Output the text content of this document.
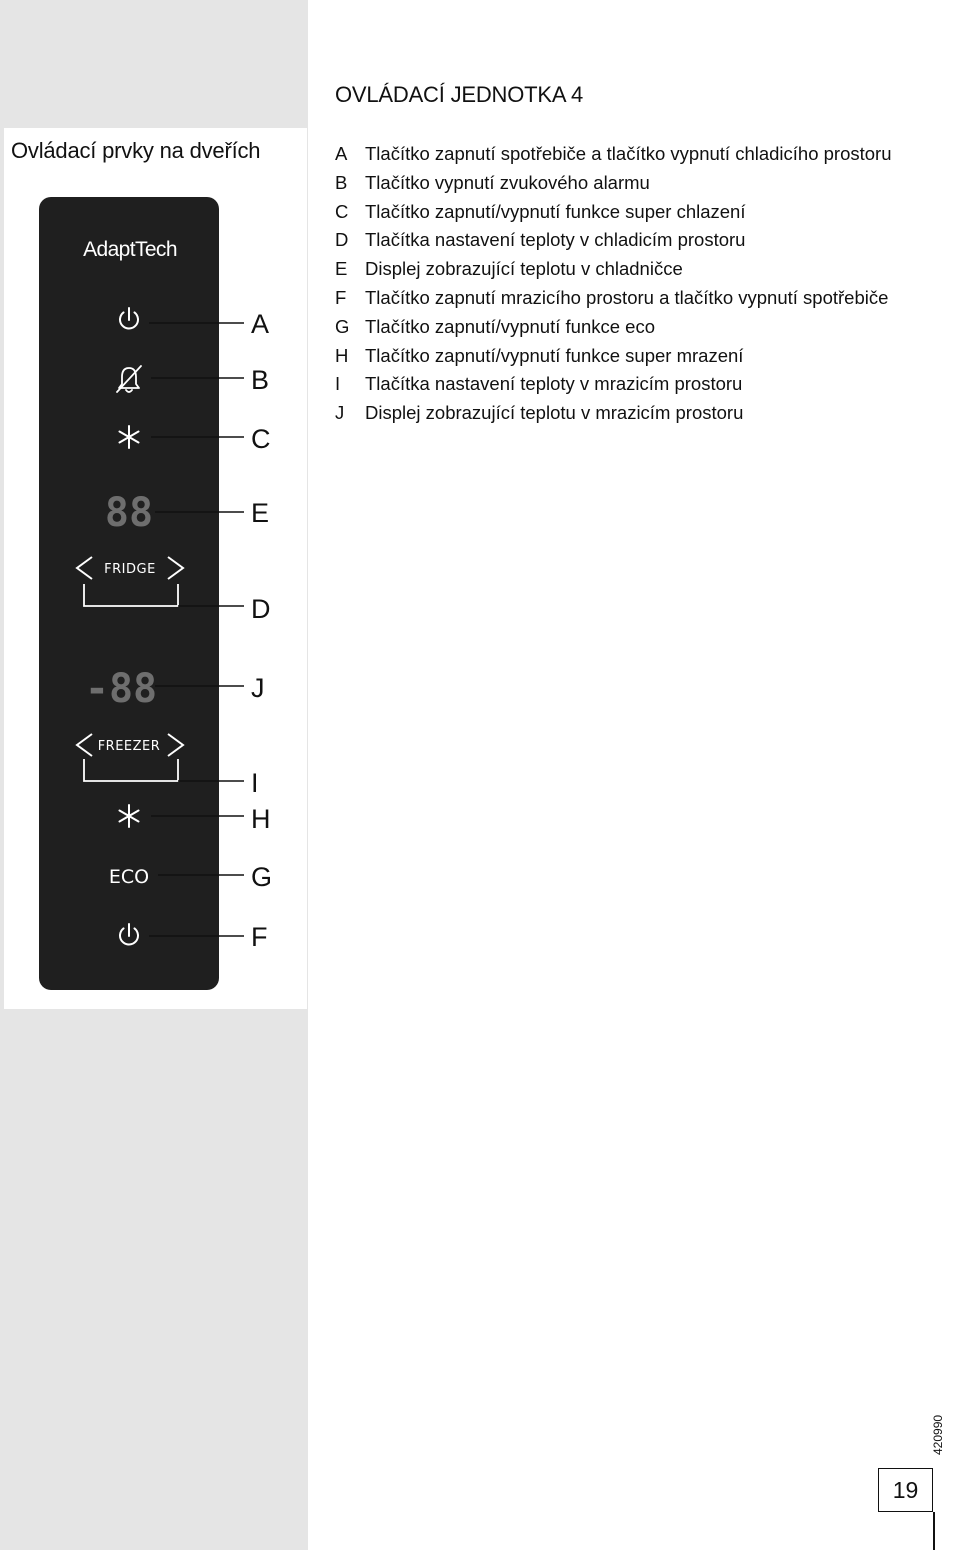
Ovládací prvky na dveřích
OVLÁDACÍ JEDNOTKA 4
A Tlačítko zapnutí spotřebiče a tlačítko vypnutí chladicího prostoru
B Tlačítko vypnutí zvukového alarmu
C Tlačítko zapnutí/vypnutí funkce super chlazení
D Tlačítka nastavení teploty v chladicím prostoru
E Displej zobrazující teplotu v chladničce
F Tlačítko zapnutí mrazicího prostoru a tlačítko vypnutí spotřebiče
G Tlačítko zapnutí/vypnutí funkce eco
H Tlačítko zapnutí/vypnutí funkce super mrazení
I Tlačítka nastavení teploty v mrazicím prostoru
J Displej zobrazující teplotu v mrazicím prostoru
AdaptTech
88
FRIDGE
-88
FREEZER
ECO
A
B
C
E
D
J
I
H
G
F
420990
19
